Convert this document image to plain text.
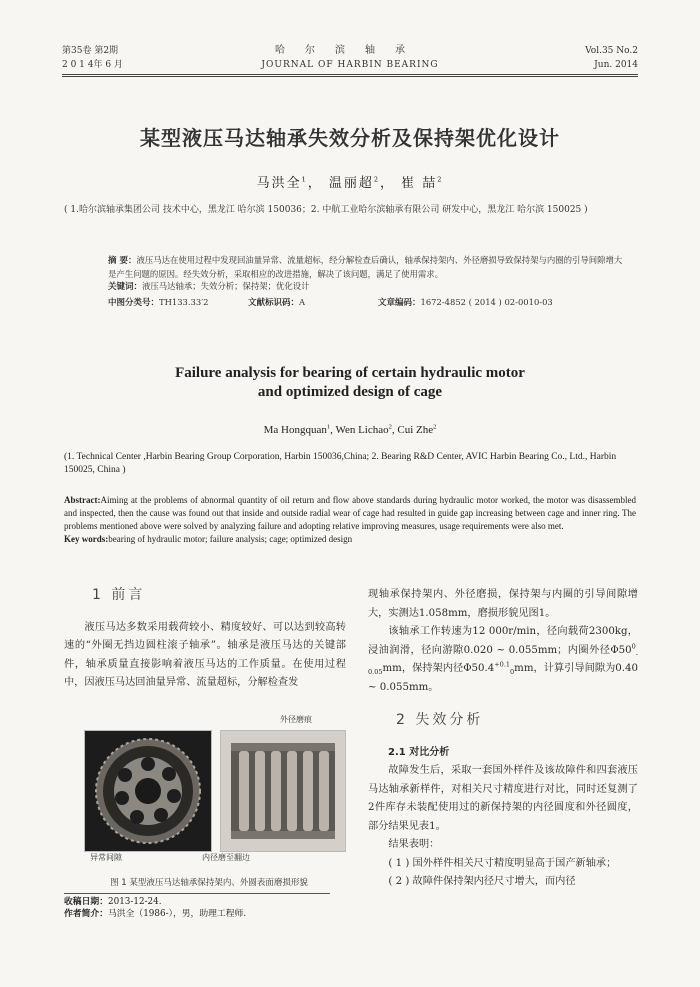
第35卷 第2期
2 0 1 4年 6 月
哈尔滨轴承
JOURNAL OF HARBIN BEARING
Vol.35 No.2
Jun. 2014
某型液压马达轴承失效分析及保持架优化设计
马洪全$^1$， 温丽超$^2$， 崔 喆$^2$
( 1.哈尔滨轴承集团公司 技术中心，黑龙江 哈尔滨 150036；2. 中航工业哈尔滨轴承有限公司 研发中心，黑龙江 哈尔滨 150025 )
摘 要：液压马达在使用过程中发现回油量异常、流量超标，经分解检查后确认，轴承保持架内、外径磨损导致保持架与内圈的引导间隙增大是产生问题的原因。经失效分析，采取相应的改进措施，解决了该问题，满足了使用需求。
关键词：液压马达轴承；失效分析；保持架；优化设计
中图分类号：TH133.33′2	文献标识码：A	文章编码：1672-4852 ( 2014 ) 02-0010-03
Failure analysis for bearing of certain hydraulic motor
and optimized design of cage
Ma Hongquan$^1$, Wen Lichao$^2$, Cui Zhe$^2$
(1. Technical Center ,Harbin Bearing Group Corporation, Harbin 150036,China; 2. Bearing R&D Center, AVIC Harbin Bearing Co., Ltd., Harbin 150025, China )
Abstract:Aiming at the problems of abnormal quantity of oil return and flow above standards during hydraulic motor worked, the motor was disassembled and inspected, then the cause was found out that inside and outside radial wear of cage had resulted in guide gap increasing between cage and inner ring. The problems mentioned above were solved by analyzing failure and adopting relative improving measures, usage requirements were also met.
Key words:bearing of hydraulic motor; failure analysis; cage; optimized design

1 前言

液压马达多数采用载荷较小、精度较好、可以达到较高转速的“外圈无挡边圆柱滚子轴承”。轴承是液压马达的关键部件，轴承质量直接影响着液压马达的工作质量。在使用过程中，因液压马达回油量异常、流量超标，分解检查发

外径磨痕
异常间隙	内径磨至翻边
图 1 某型液压马达轴承保持架内、外圆表面磨损形貌
收稿日期：2013-12-24.
作者简介：马洪全（1986-），男，助理工程师.

现轴承保持架内、外径磨损，保持架与内圈的引导间隙增大，实测达1.058mm，磨损形貌见图1。

该轴承工作转速为12 000r/min，径向载荷2300kg，浸油润滑，径向游隙0.020 ~ 0.055mm；内圈外径$\Phi 50^0_{-0.05}mm$，保持架内径$\Phi 50.4^{+0.1}_0mm$，计算引导间隙为0.40 ~ 0.055mm。

2 失效分析

2.1 对比分析

故障发生后，采取一套国外样件及该故障件和四套液压马达轴承新样件，对相关尺寸精度进行对比，同时还复测了2件库存未装配使用过的新保持架的内径圆度和外径圆度，部分结果见表1。

结果表明：

( 1 ) 国外样件相关尺寸精度明显高于国产新轴承；

( 2 ) 故障件保持架内径尺寸增大，而内径
